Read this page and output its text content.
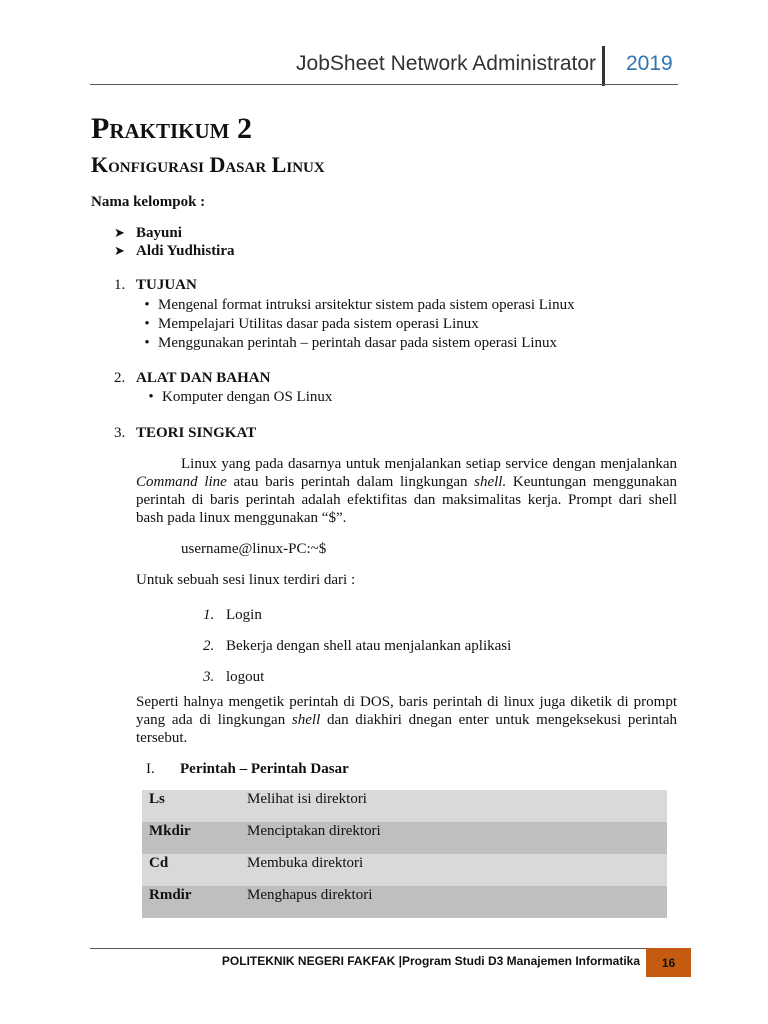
JobSheet Network Administrator 2019
Praktikum 2
Konfigurasi Dasar Linux
Nama kelompok :
➤ Bayuni
➤ Aldi Yudhistira
1. TUJUAN
• Mengenal format intruksi arsitektur sistem pada sistem operasi Linux
• Mempelajari Utilitas dasar pada sistem operasi Linux
• Menggunakan perintah – perintah dasar pada sistem operasi Linux
2. ALAT DAN BAHAN
• Komputer dengan OS Linux
3. TEORI SINGKAT
Linux yang pada dasarnya untuk menjalankan setiap service dengan menjalankan Command line atau baris perintah dalam lingkungan shell. Keuntungan menggunakan perintah di baris perintah adalah efektifitas dan maksimalitas kerja. Prompt dari shell bash pada linux menggunakan “$”.
username@linux-PC:~$
Untuk sebuah sesi linux terdiri dari :
1. Login
2. Bekerja dengan shell atau menjalankan aplikasi
3. logout
Seperti halnya mengetik perintah di DOS, baris perintah di linux juga diketik di prompt yang ada di lingkungan shell dan diakhiri dnegan enter untuk mengeksekusi perintah tersebut.
I. Perintah – Perintah Dasar
Ls	Melihat isi direktori
Mkdir	Menciptakan direktori
Cd	Membuka direktori
Rmdir	Menghapus direktori
POLITEKNIK NEGERI FAKFAK |Program Studi D3 Manajemen Informatika	16
